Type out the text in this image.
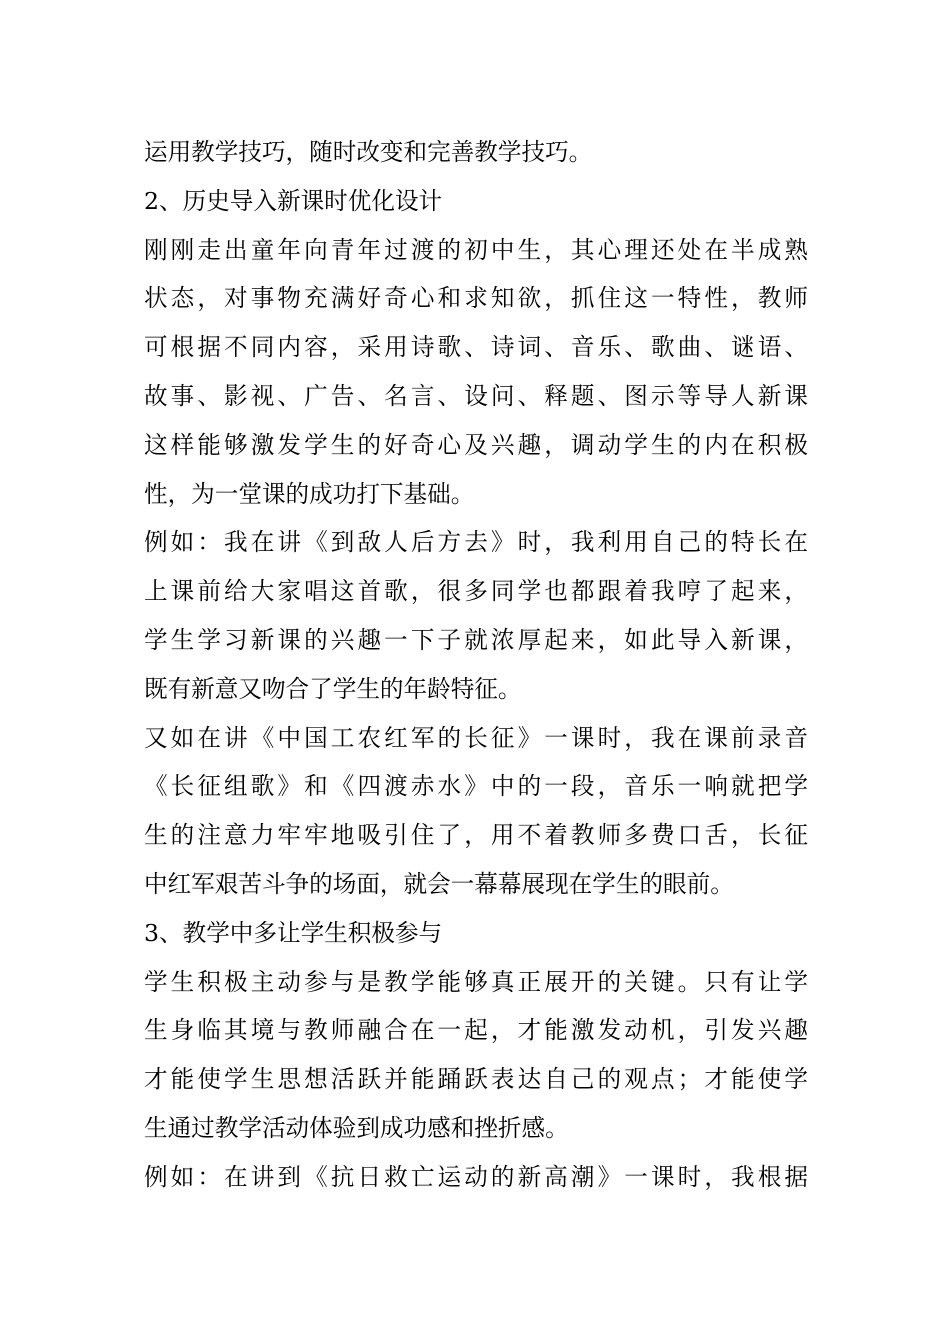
运用教学技巧，随时改变和完善教学技巧。
2、历史导入新课时优化设计
刚刚走出童年向青年过渡的初中生，其心理还处在半成熟
状态，对事物充满好奇心和求知欲，抓住这一特性，教师
可根据不同内容，采用诗歌、诗词、音乐、歌曲、谜语、
故事、影视、广告、名言、设问、释题、图示等导人新课
这样能够激发学生的好奇心及兴趣，调动学生的内在积极
性，为一堂课的成功打下基础。
例如：我在讲《到敌人后方去》时，我利用自己的特长在
上课前给大家唱这首歌，很多同学也都跟着我哼了起来，
学生学习新课的兴趣一下子就浓厚起来，如此导入新课，
既有新意又吻合了学生的年龄特征。
又如在讲《中国工农红军的长征》一课时，我在课前录音
《长征组歌》和《四渡赤水》中的一段，音乐一响就把学
生的注意力牢牢地吸引住了，用不着教师多费口舌，长征
中红军艰苦斗争的场面，就会一幕幕展现在学生的眼前。
3、教学中多让学生积极参与
学生积极主动参与是教学能够真正展开的关键。只有让学
生身临其境与教师融合在一起，才能激发动机，引发兴趣
才能使学生思想活跃并能踊跃表达自己的观点；才能使学
生通过教学活动体验到成功感和挫折感。
例如：在讲到《抗日救亡运动的新高潮》一课时，我根据
